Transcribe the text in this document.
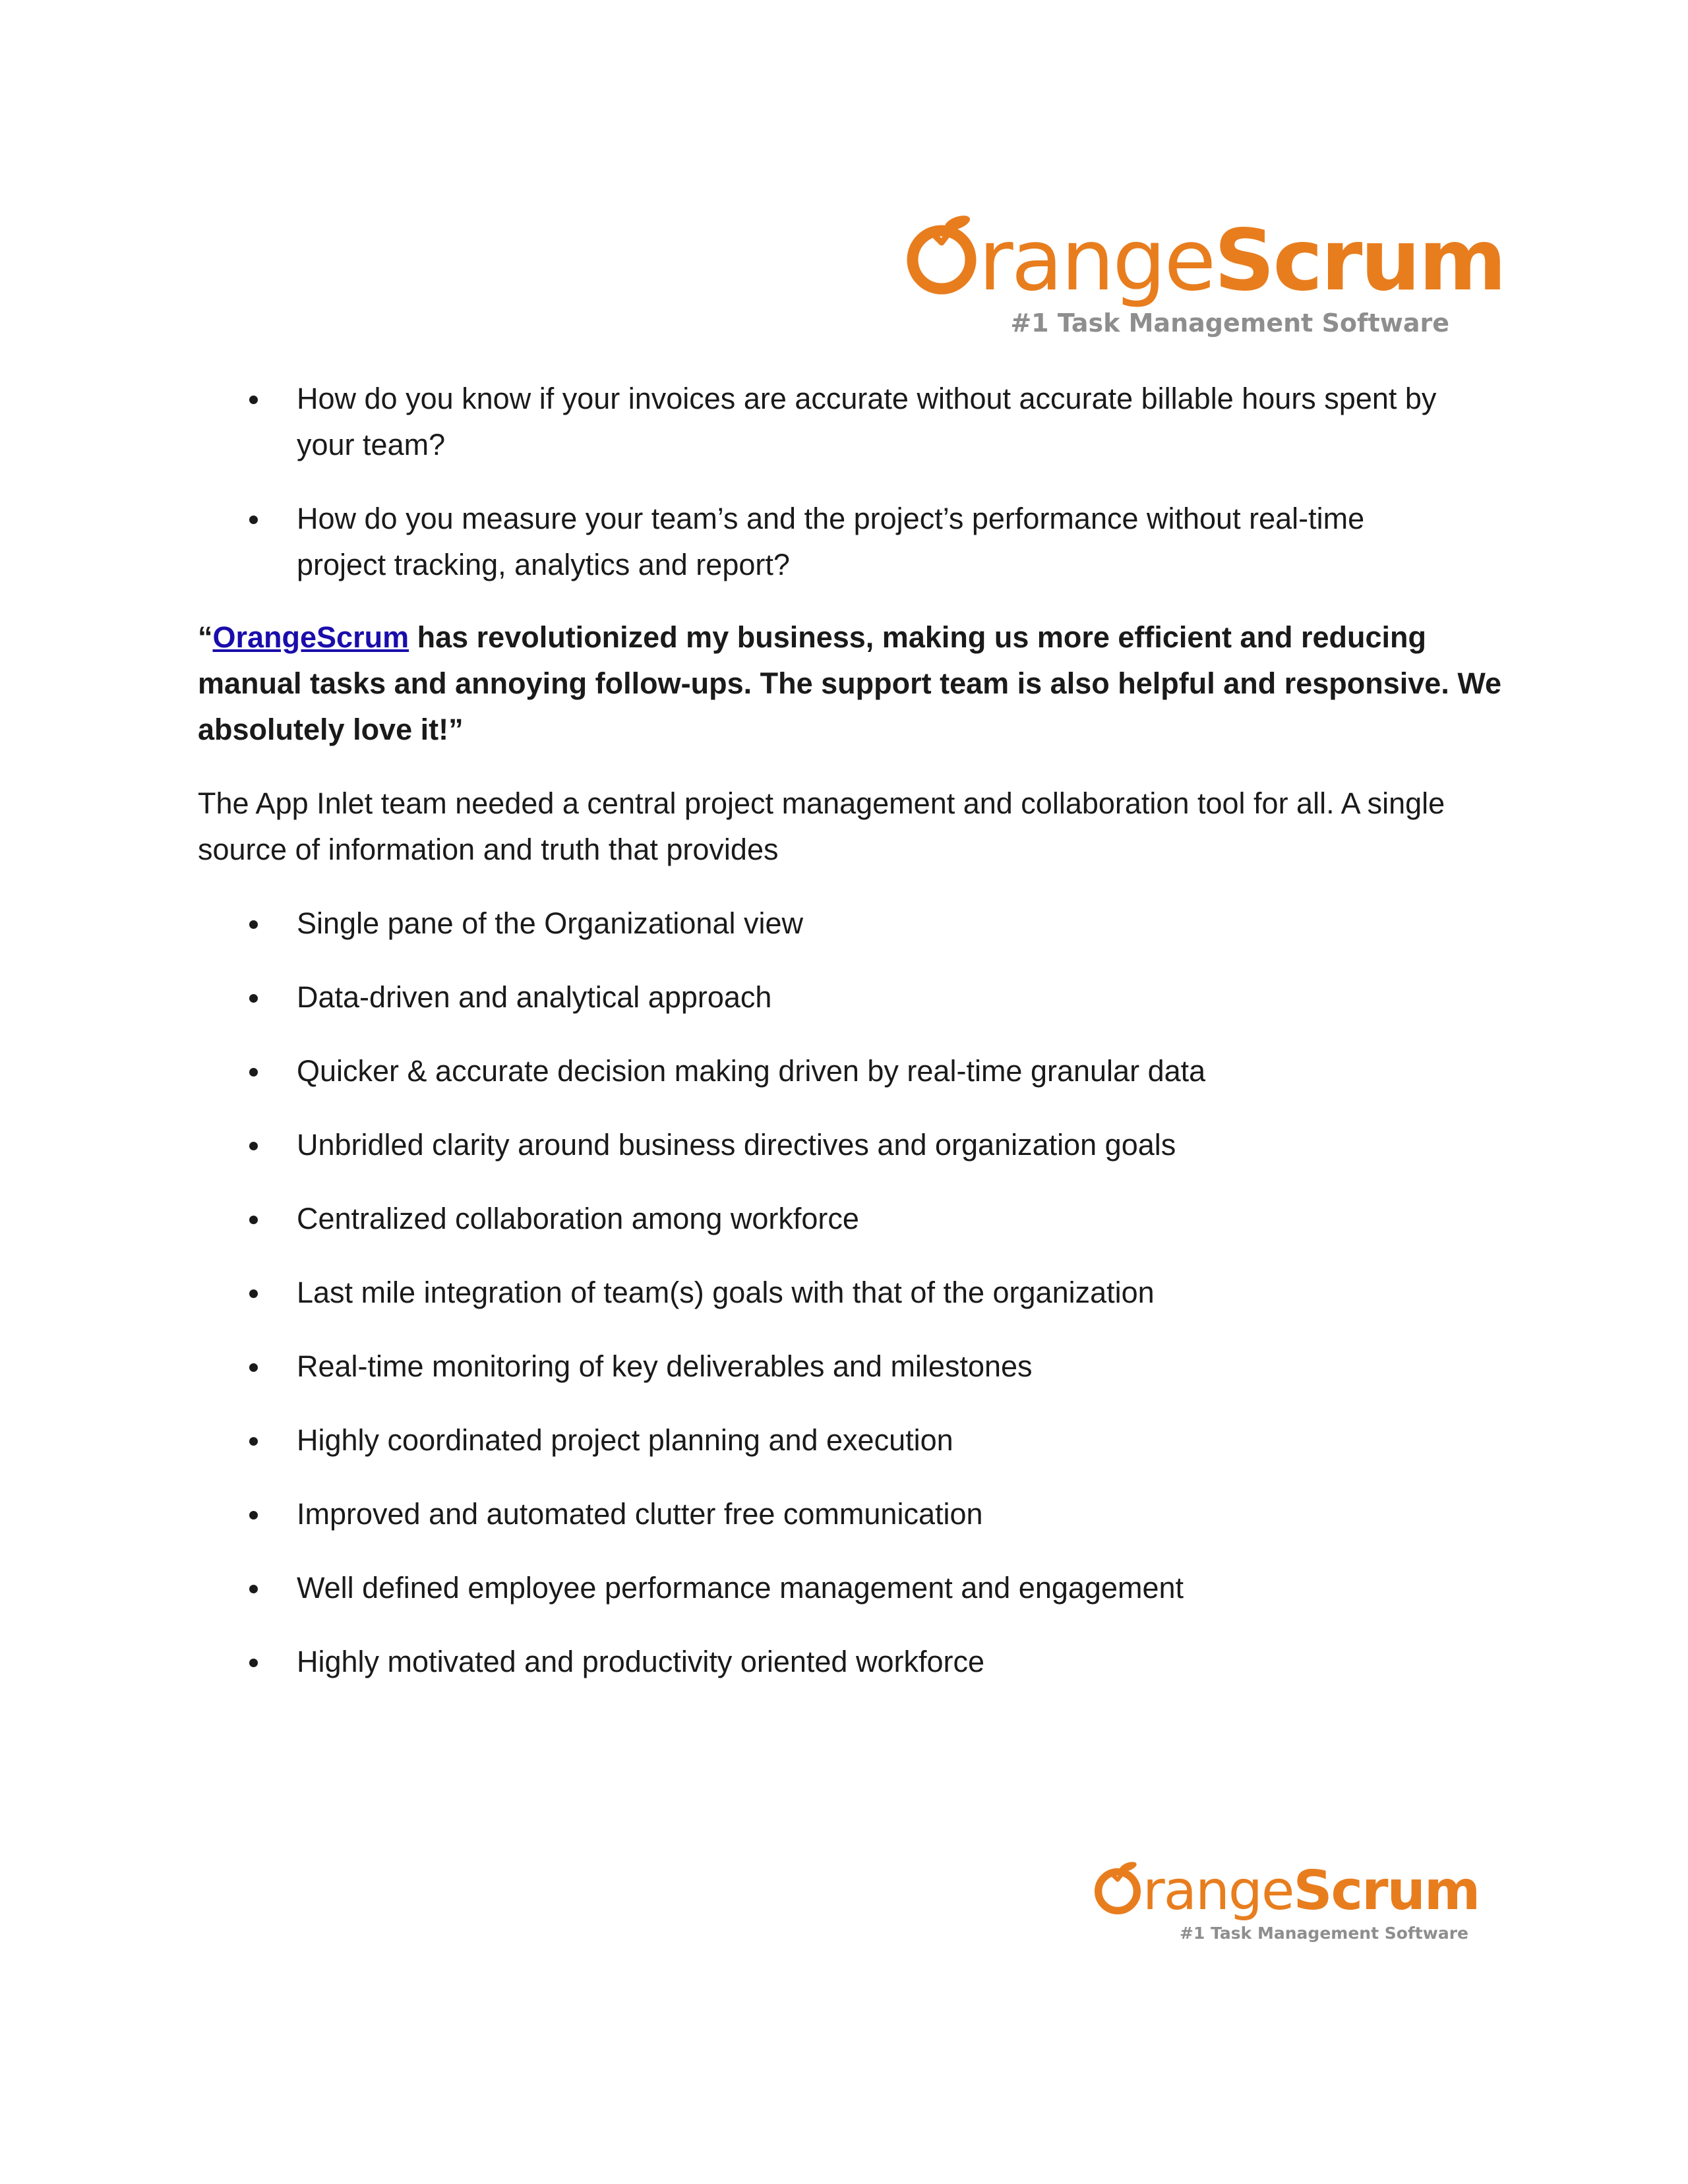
rangeScrum
#1 Task Management Software
How do you know if your invoices are accurate without accurate billable hours spent by
your team?
How do you measure your team’s and the project’s performance without real-time
project tracking, analytics and report?
“OrangeScrum has revolutionized my business, making us more efficient and reducing
manual tasks and annoying follow-ups. The support team is also helpful and responsive. We
absolutely love it!”
The App Inlet team needed a central project management and collaboration tool for all. A single
source of information and truth that provides
Single pane of the Organizational view
Data-driven and analytical approach
Quicker & accurate decision making driven by real-time granular data
Unbridled clarity around business directives and organization goals
Centralized collaboration among workforce
Last mile integration of team(s) goals with that of the organization
Real-time monitoring of key deliverables and milestones
Highly coordinated project planning and execution
Improved and automated clutter free communication
Well defined employee performance management and engagement
Highly motivated and productivity oriented workforce
rangeScrum
#1 Task Management Software
